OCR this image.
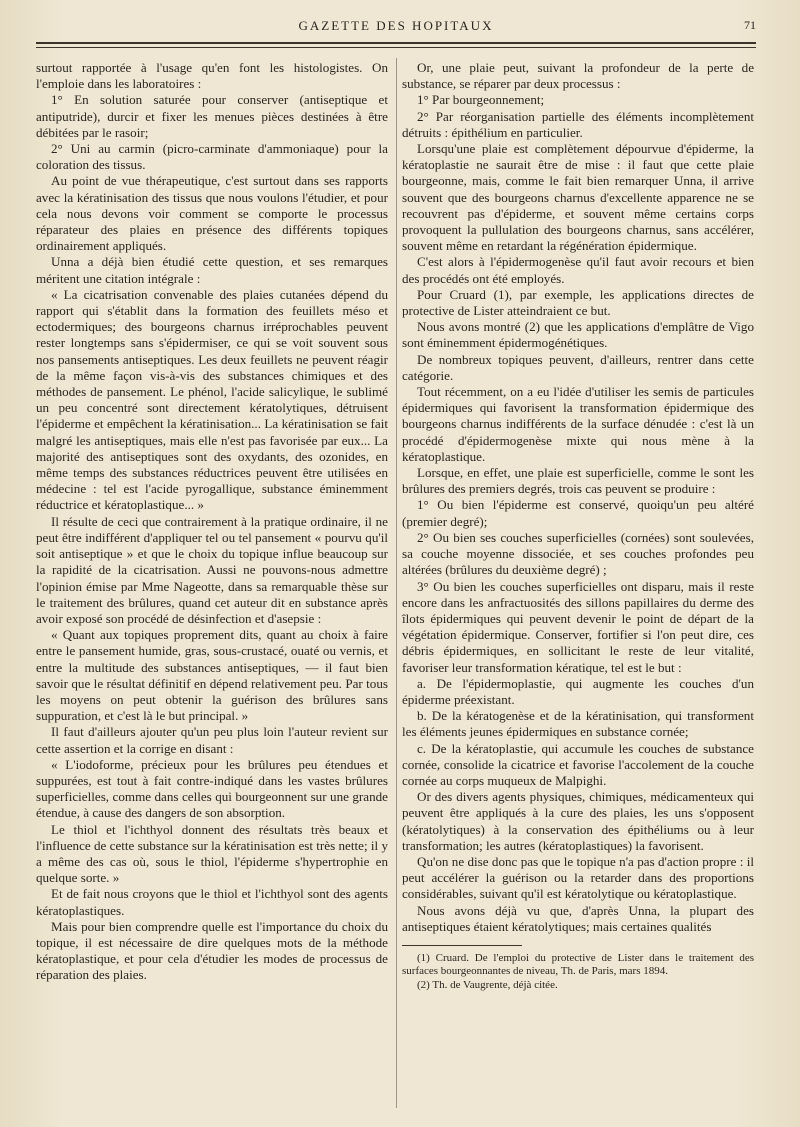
GAZETTE DES HOPITAUX	71

surtout rapportée à l'usage qu'en font les histologistes. On l'emploie dans les laboratoires :

1° En solution saturée pour conserver (antiseptique et antiputride), durcir et fixer les menues pièces destinées à être débitées par le rasoir;

2° Uni au carmin (picro-carminate d'ammoniaque) pour la coloration des tissus.

Au point de vue thérapeutique, c'est surtout dans ses rapports avec la kératinisation des tissus que nous voulons l'étudier, et pour cela nous devons voir comment se comporte le processus réparateur des plaies en présence des différents topiques ordinairement appliqués.

Unna a déjà bien étudié cette question, et ses remarques méritent une citation intégrale :

« La cicatrisation convenable des plaies cutanées dépend du rapport qui s'établit dans la formation des feuillets méso et ectodermiques; des bourgeons charnus irréprochables peuvent rester longtemps sans s'épidermiser, ce qui se voit souvent sous nos pansements antiseptiques. Les deux feuillets ne peuvent réagir de la même façon vis-à-vis des substances chimiques et des méthodes de pansement. Le phénol, l'acide salicylique, le sublimé un peu concentré sont directement kératolytiques, détruisent l'épiderme et empêchent la kératinisation... La kératinisation se fait malgré les antiseptiques, mais elle n'est pas favorisée par eux... La majorité des antiseptiques sont des oxydants, des ozonides, en même temps des substances réductrices peuvent être utilisées en médecine : tel est l'acide pyrogallique, substance éminemment réductrice et kératoplastique... »

Il résulte de ceci que contrairement à la pratique ordinaire, il ne peut être indifférent d'appliquer tel ou tel pansement « pourvu qu'il soit antiseptique » et que le choix du topique influe beaucoup sur la rapidité de la cicatrisation. Aussi ne pouvons-nous admettre l'opinion émise par Mme Nageotte, dans sa remarquable thèse sur le traitement des brûlures, quand cet auteur dit en substance après avoir exposé son procédé de désinfection et d'asepsie :

« Quant aux topiques proprement dits, quant au choix à faire entre le pansement humide, gras, sous-crustacé, ouaté ou vernis, et entre la multitude des substances antiseptiques, — il faut bien savoir que le résultat définitif en dépend relativement peu. Par tous les moyens on peut obtenir la guérison des brûlures sans suppuration, et c'est là le but principal. »

Il faut d'ailleurs ajouter qu'un peu plus loin l'auteur revient sur cette assertion et la corrige en disant :

« L'iodoforme, précieux pour les brûlures peu étendues et suppurées, est tout à fait contre-indiqué dans les vastes brûlures superficielles, comme dans celles qui bourgeonnent sur une grande étendue, à cause des dangers de son absorption.

Le thiol et l'ichthyol donnent des résultats très beaux et l'influence de cette substance sur la kératinisation est très nette; il y a même des cas où, sous le thiol, l'épiderme s'hypertrophie en quelque sorte. »

Et de fait nous croyons que le thiol et l'ichthyol sont des agents kératoplastiques.

Mais pour bien comprendre quelle est l'importance du choix du topique, il est nécessaire de dire quelques mots de la méthode kératoplastique, et pour cela d'étudier les modes de processus de réparation des plaies.

Or, une plaie peut, suivant la profondeur de la perte de substance, se réparer par deux processus :

1° Par bourgeonnement;

2° Par réorganisation partielle des éléments incomplètement détruits : épithélium en particulier.

Lorsqu'une plaie est complètement dépourvue d'épiderme, la kératoplastie ne saurait être de mise : il faut que cette plaie bourgeonne, mais, comme le fait bien remarquer Unna, il arrive souvent que des bourgeons charnus d'excellente apparence ne se recouvrent pas d'épiderme, et souvent même certains corps provoquent la pullulation des bourgeons charnus, sans accélérer, souvent même en retardant la régénération épidermique.

C'est alors à l'épidermogenèse qu'il faut avoir recours et bien des procédés ont été employés.

Pour Cruard (1), par exemple, les applications directes de protective de Lister atteindraient ce but.

Nous avons montré (2) que les applications d'emplâtre de Vigo sont éminemment épidermogénétiques.

De nombreux topiques peuvent, d'ailleurs, rentrer dans cette catégorie.

Tout récemment, on a eu l'idée d'utiliser les semis de particules épidermiques qui favorisent la transformation épidermique des bourgeons charnus indifférents de la surface dénudée : c'est là un procédé d'épidermogenèse mixte qui nous mène à la kératoplastique.

Lorsque, en effet, une plaie est superficielle, comme le sont les brûlures des premiers degrés, trois cas peuvent se produire :

1° Ou bien l'épiderme est conservé, quoiqu'un peu altéré (premier degré);

2° Ou bien ses couches superficielles (cornées) sont soulevées, sa couche moyenne dissociée, et ses couches profondes peu altérées (brûlures du deuxième degré) ;

3° Ou bien les couches superficielles ont disparu, mais il reste encore dans les anfractuosités des sillons papillaires du derme des îlots épidermiques qui peuvent devenir le point de départ de la végétation épidermique. Conserver, fortifier si l'on peut dire, ces débris épidermiques, en sollicitant le reste de leur vitalité, favoriser leur transformation kératique, tel est le but :

a. De l'épidermoplastie, qui augmente les couches d'un épiderme préexistant.

b. De la kératogenèse et de la kératinisation, qui transforment les éléments jeunes épidermiques en substance cornée;

c. De la kératoplastie, qui accumule les couches de substance cornée, consolide la cicatrice et favorise l'accolement de la couche cornée au corps muqueux de Malpighi.

Or des divers agents physiques, chimiques, médicamenteux qui peuvent être appliqués à la cure des plaies, les uns s'opposent (kératolytiques) à la conservation des épithéliums ou à leur transformation; les autres (kératoplastiques) la favorisent.

Qu'on ne dise donc pas que le topique n'a pas d'action propre : il peut accélérer la guérison ou la retarder dans des proportions considérables, suivant qu'il est kératolytique ou kératoplastique.

Nous avons déjà vu que, d'après Unna, la plupart des antiseptiques étaient kératolytiques; mais certaines qualités

(1) Cruard. De l'emploi du protective de Lister dans le traitement des surfaces bourgeonnantes de niveau, Th. de Paris, mars 1894.

(2) Th. de Vaugrente, déjà citée.
